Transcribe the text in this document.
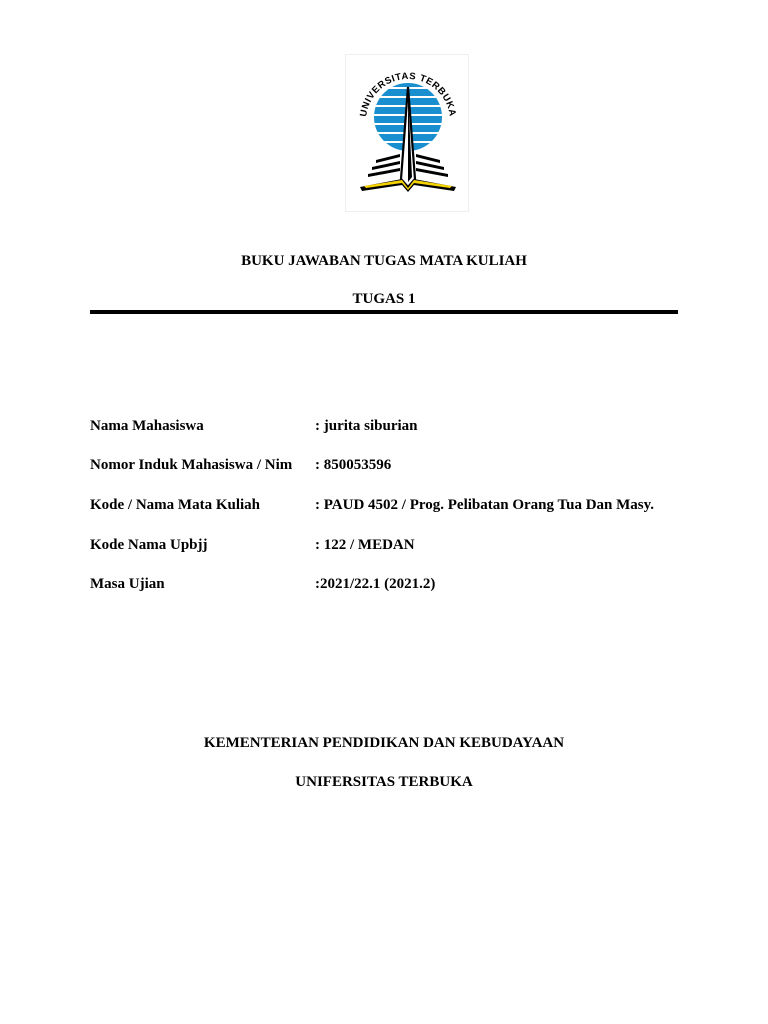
UNIVERSITAS TERBUKA
BUKU JAWABAN TUGAS MATA KULIAH
TUGAS 1
Nama Mahasiswa	: jurita siburian
Nomor Induk Mahasiswa / Nim : 850053596
Kode / Nama Mata Kuliah	: PAUD 4502 / Prog. Pelibatan Orang Tua Dan Masy.
Kode Nama Upbjj	: 122 / MEDAN
Masa Ujian	:2021/22.1 (2021.2)
KEMENTERIAN PENDIDIKAN DAN KEBUDAYAAN
UNIFERSITAS TERBUKA
